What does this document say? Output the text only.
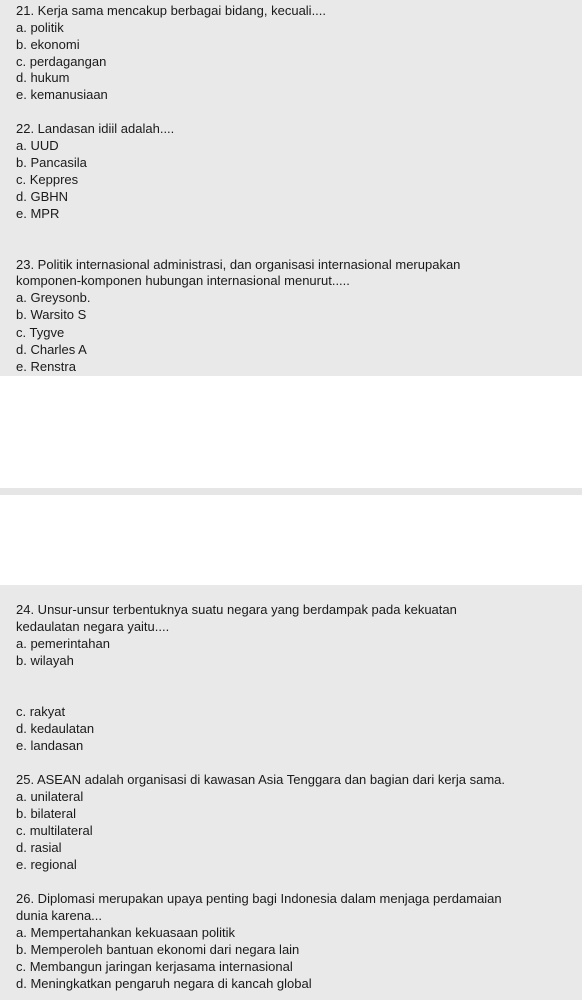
21. Kerja sama mencakup berbagai bidang, kecuali....
a. politik
b. ekonomi
c. perdagangan
d. hukum
e. kemanusiaan
22. Landasan idiil adalah....
a. UUD
b. Pancasila
c. Keppres
d. GBHN
e. MPR
23. Politik internasional administrasi, dan organisasi internasional merupakan
komponen-komponen hubungan internasional menurut.....
a. Greysonb.
b. Warsito S
c. Tygve
d. Charles A
e. Renstra
24. Unsur-unsur terbentuknya suatu negara yang berdampak pada kekuatan
kedaulatan negara yaitu....
a. pemerintahan
b. wilayah
c. rakyat
d. kedaulatan
e. landasan
25. ASEAN adalah organisasi di kawasan Asia Tenggara dan bagian dari kerja sama.
a. unilateral
b. bilateral
c. multilateral
d. rasial
e. regional
26. Diplomasi merupakan upaya penting bagi Indonesia dalam menjaga perdamaian
dunia karena...
a. Mempertahankan kekuasaan politik
b. Memperoleh bantuan ekonomi dari negara lain
c. Membangun jaringan kerjasama internasional
d. Meningkatkan pengaruh negara di kancah global
